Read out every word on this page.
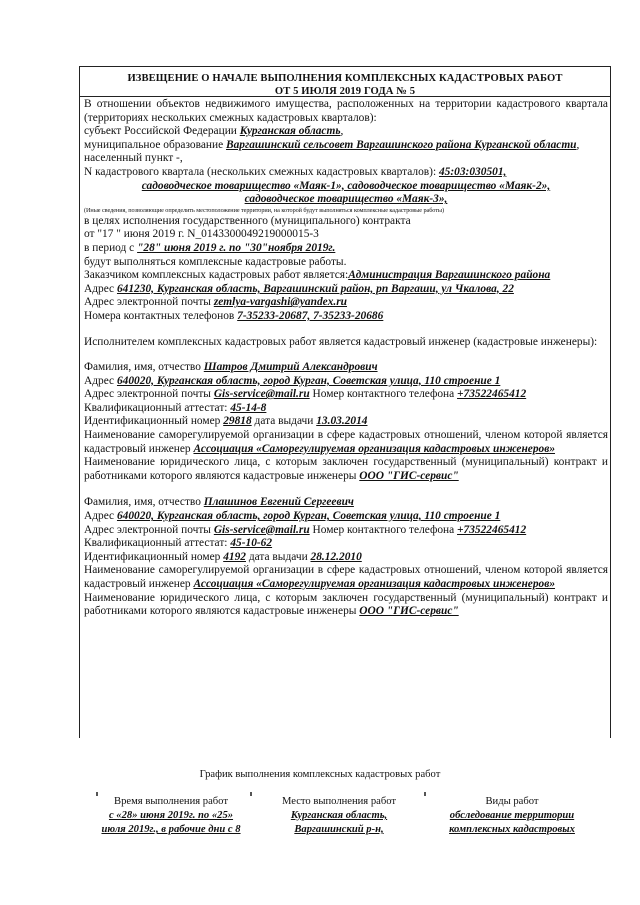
ИЗВЕЩЕНИЕ О НАЧАЛЕ ВЫПОЛНЕНИЯ КОМПЛЕКСНЫХ КАДАСТРОВЫХ РАБОТ
ОТ 5 ИЮЛЯ 2019 ГОДА № 5

В отношении объектов недвижимого имущества, расположенных на территории кадастрового квартала (территориях нескольких смежных кадастровых кварталов):

субъект Российской Федерации Курганская область,

муниципальное образование Варгашинский сельсовет Варгашинского района Курганской области,

населенный пункт -,

N кадастрового квартала (нескольких смежных кадастровых кварталов): 45:03:030501,

садоводческое товарищество «Маяк-1», садоводческое товарищество «Маяк-2»,

садоводческое товарищество «Маяк-3»,

(Иные сведения, позволяющие определить местоположение территории, на которой будут выполняться комплексные кадастровые работы)

в целях исполнения государственного (муниципального) контракта

от "17 " июня 2019 г. N_0143300049219000015-3

в период с "28" июня 2019 г. по "30"ноября 2019г.

будут выполняться комплексные кадастровые работы.

Заказчиком комплексных кадастровых работ является:Администрация Варгашинского района

Адрес 641230, Курганская область, Варгашинский район, рп Варгаши, ул Чкалова, 22

Адрес электронной почты zemlya-vargashi@yandex.ru

Номера контактных телефонов 7-35233-20687, 7-35233-20686

Исполнителем комплексных кадастровых работ является кадастровый инженер (кадастровые инженеры):

Фамилия, имя, отчество Шатров Дмитрий Александрович

Адрес 640020, Курганская область, город Курган, Советская улица, 110 строение 1

Адрес электронной почты Gis-service@mail.ru Номер контактного телефона +73522465412

Квалификационный аттестат: 45-14-8

Идентификационный номер 29818 дата выдачи 13.03.2014

Наименование саморегулируемой организации в сфере кадастровых отношений, членом которой является кадастровый инженер Ассоциация «Саморегулируемая организация кадастровых инженеров»

Наименование юридического лица, с которым заключен государственный (муниципальный) контракт и работниками которого являются кадастровые инженеры ООО "ГИС-сервис"

Фамилия, имя, отчество Плашинов Евгений Сергеевич

Адрес 640020, Курганская область, город Курган, Советская улица, 110 строение 1

Адрес электронной почты Gis-service@mail.ru Номер контактного телефона +73522465412

Квалификационный аттестат: 45-10-62

Идентификационный номер 4192 дата выдачи 28.12.2010

Наименование саморегулируемой организации в сфере кадастровых отношений, членом которой является кадастровый инженер Ассоциация «Саморегулируемая организация кадастровых инженеров»

Наименование юридического лица, с которым заключен государственный (муниципальный) контракт и работниками которого являются кадастровые инженеры ООО "ГИС-сервис"

График выполнения комплексных кадастровых работ
Время выполнения работ
с «28» июня 2019г. по «25»
июля 2019г., в рабочие дни с 8
Место выполнения работ
Курганская область,
Варгашинский р-н,
Виды работ
обследование территории
комплексных кадастровых
